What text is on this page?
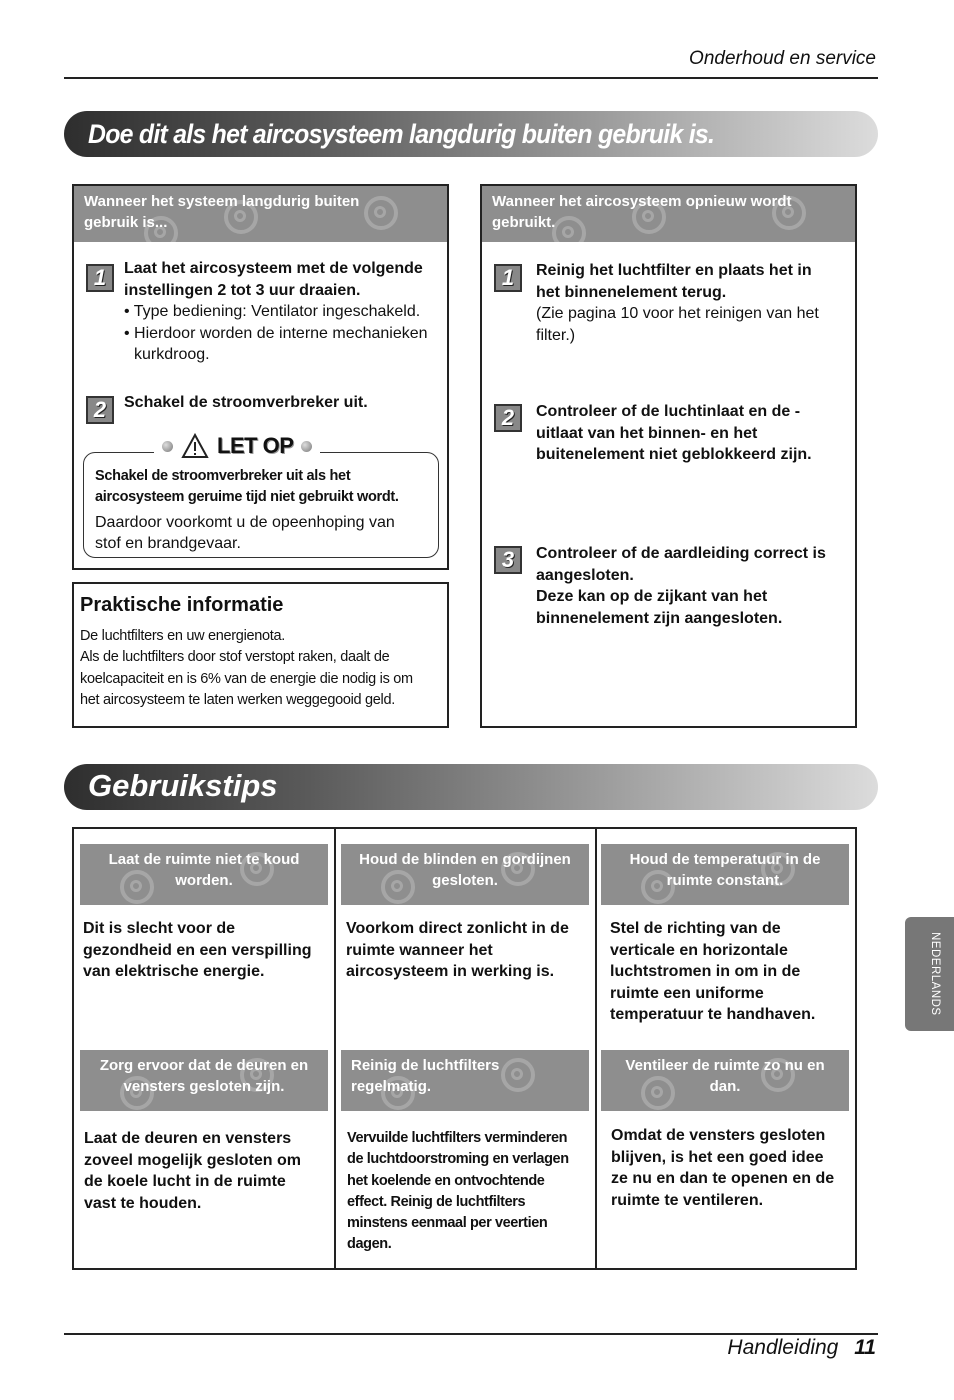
Onderhoud en service
Doe dit als het aircosysteem langdurig buiten gebruik is.
Wanneer het systeem langdurig buiten
gebruik is...
1	Laat het aircosysteem met de volgende
instellingen 2 tot 3 uur draaien.
• Type bediening: Ventilator ingeschakeld.
• Hierdoor worden de interne mechanieken
kurkdroog.
2	Schakel de stroomverbreker uit.
LET OP
Schakel de stroomverbreker uit als het
aircosysteem geruime tijd niet gebruikt wordt.
Daardoor voorkomt u de opeenhoping van
stof en brandgevaar.
Praktische informatie
De luchtfilters en uw energienota.
Als de luchtfilters door stof verstopt raken, daalt de
koelcapaciteit en is 6% van de energie die nodig is om
het aircosysteem te laten werken weggegooid geld.
Wanneer het aircosysteem opnieuw wordt
gebruikt.
1	Reinig het luchtfilter en plaats het in
het binnenelement terug.
(Zie pagina 10 voor het reinigen van het
filter.)
2	Controleer of de luchtinlaat en de -
uitlaat van het binnen- en het
buitenelement niet geblokkeerd zijn.
3	Controleer of de aardleiding correct is
aangesloten.
Deze kan op de zijkant van het
binnenelement zijn aangesloten.
Gebruikstips
Laat de ruimte niet te koud
worden.
Dit is slecht voor de
gezondheid en een verspilling
van elektrische energie.
Houd de blinden en gordijnen
gesloten.
Voorkom direct zonlicht in de
ruimte wanneer het
aircosysteem in werking is.
Houd de temperatuur in de
ruimte constant.
Stel de richting van de
verticale en horizontale
luchtstromen in om in de
ruimte een uniforme
temperatuur te handhaven.
Zorg ervoor dat de deuren en
vensters gesloten zijn.
Laat de deuren en vensters
zoveel mogelijk gesloten om
de koele lucht in de ruimte
vast te houden.
Reinig de luchtfilters
regelmatig.
Vervuilde luchtfilters verminderen
de luchtdoorstroming en verlagen
het koelende en ontvochtende
effect. Reinig de luchtfilters
minstens eenmaal per veertien
dagen.
Ventileer de ruimte zo nu en
dan.
Omdat de vensters gesloten
blijven, is het een goed idee
ze nu en dan te openen en de
ruimte te ventileren.
NEDERLANDS
Handleiding 11
